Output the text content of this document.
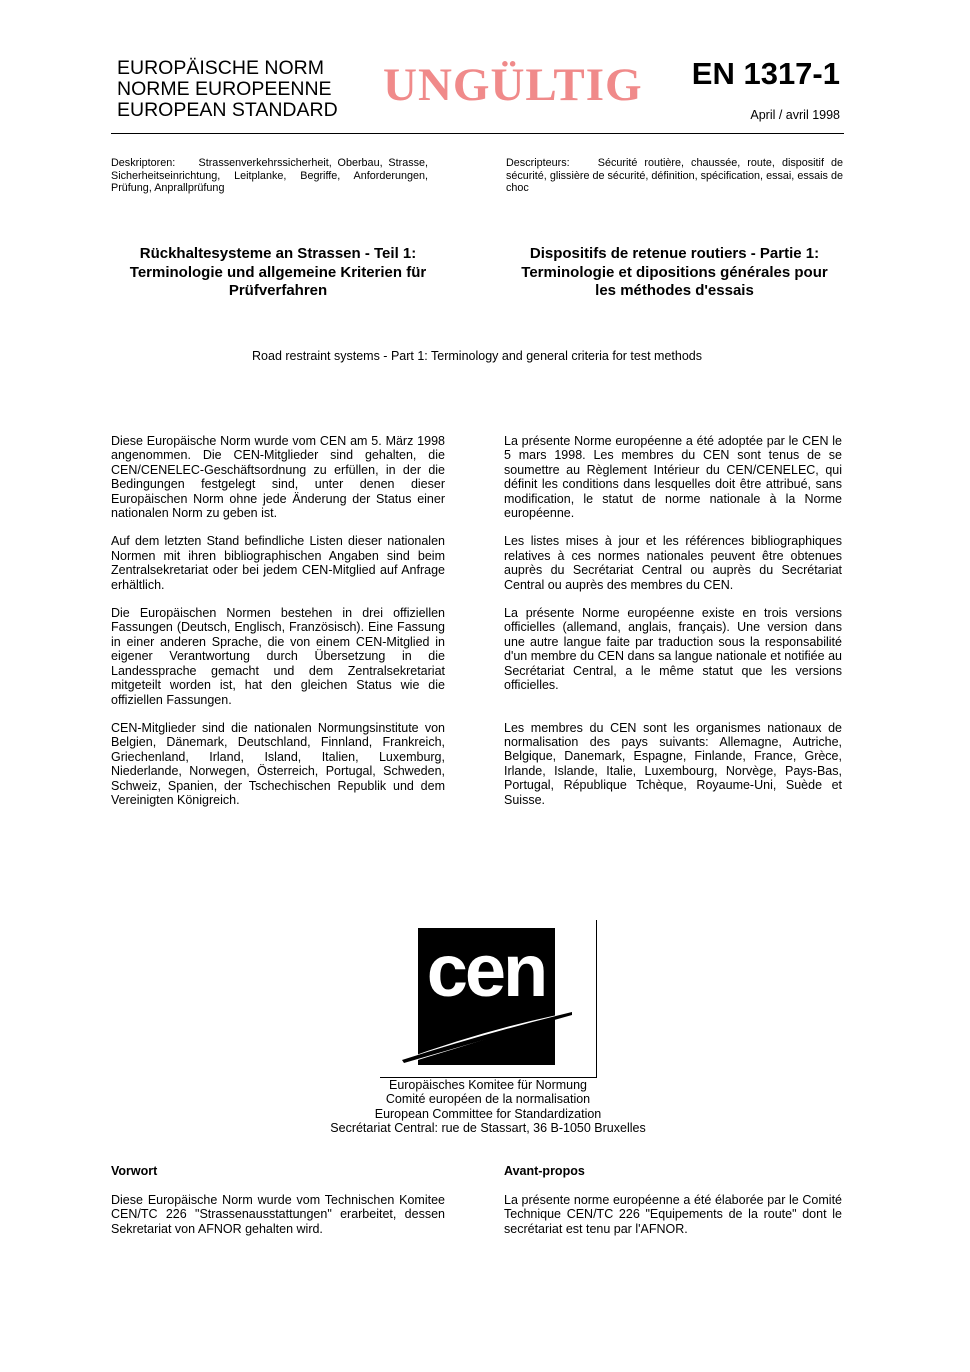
EUROPÄISCHE NORM
NORME EUROPEENNE
EUROPEAN STANDARD UNGÜLTIG EN 1317-1
April / avril 1998
Deskriptoren: Strassenverkehrssicherheit, Oberbau, Strasse, Sicherheitseinrichtung, Leitplanke, Begriffe, Anforderungen, Prüfung, Anprallprüfung
Descripteurs:	Sécurité routière, chaussée, route, dispositif de sécurité, glissière de sécurité, définition, spécification, essai, essais de choc
Rückhaltesysteme an Strassen - Teil 1:
Terminologie und allgemeine Kriterien für
Prüfverfahren
Dispositifs de retenue routiers - Partie 1:
Terminologie et dipositions générales pour
les méthodes d'essais
Road restraint systems - Part 1: Terminology and general criteria for test methods

Diese Europäische Norm wurde vom CEN am 5. März 1998 angenommen. Die CEN-Mitglieder sind gehalten, die CEN/CENELEC-Geschäftsordnung zu erfüllen, in der die Bedingungen festgelegt sind, unter denen dieser Europäischen Norm ohne jede Änderung der Status einer nationalen Norm zu geben ist.

Auf dem letzten Stand befindliche Listen dieser nationalen Normen mit ihren bibliographischen Angaben sind beim Zentralsekretariat oder bei jedem CEN-Mitglied auf Anfrage erhältlich.

Die Europäischen Normen bestehen in drei offiziellen Fassungen (Deutsch, Englisch, Französisch). Eine Fassung in einer anderen Sprache, die von einem CEN-Mitglied in eigener Verantwortung durch Übersetzung in die Landessprache gemacht und dem Zentralsekretariat mitgeteilt worden ist, hat den gleichen Status wie die offiziellen Fassungen.

CEN-Mitglieder sind die nationalen Normungsinstitute von Belgien, Dänemark, Deutschland, Finnland, Frankreich, Griechenland, Irland, Island, Italien, Luxemburg, Niederlande, Norwegen, Österreich, Portugal, Schweden, Schweiz, Spanien, der Tschechischen Republik und dem Vereinigten Königreich.

La présente Norme européenne a été adoptée par le CEN le 5 mars 1998. Les membres du CEN sont tenus de se soumettre au Règlement Intérieur du CEN/CENELEC, qui définit les conditions dans lesquelles doit être attribué, sans modification, le statut de norme nationale à la Norme européenne.

Les listes mises à jour et les références bibliographiques relatives à ces normes nationales peuvent être obtenues auprès du Secrétariat Central ou auprès du Secrétariat Central ou auprès des membres du CEN.

La présente Norme européenne existe en trois versions officielles (allemand, anglais, français). Une version dans une autre langue faite par traduction sous la responsabilité d'un membre du CEN dans sa langue nationale et notifiée au Secrétariat Central, a le même statut que les versions officielles.

Les membres du CEN sont les organismes nationaux de normalisation des pays suivants: Allemagne, Autriche, Belgique, Danemark, Espagne, Finlande, France, Grèce, Irlande, Islande, Italie, Luxembourg, Norvège, Pays-Bas, Portugal, République Tchèque, Royaume-Uni, Suède et Suisse.

cen
Europäisches Komitee für Normung
Comité européen de la normalisation
European Committee for Standardization
Secrétariat Central: rue de Stassart, 36 B-1050 Bruxelles
Vorwort	Avant-propos
Diese Europäische Norm wurde vom Technischen Komitee CEN/TC 226 "Strassenausstattungen" erarbeitet, dessen Sekretariat von AFNOR gehalten wird.
La présente norme européenne a été élaborée par le Comité Technique CEN/TC 226 "Equipements de la route" dont le secrétariat est tenu par l'AFNOR.
